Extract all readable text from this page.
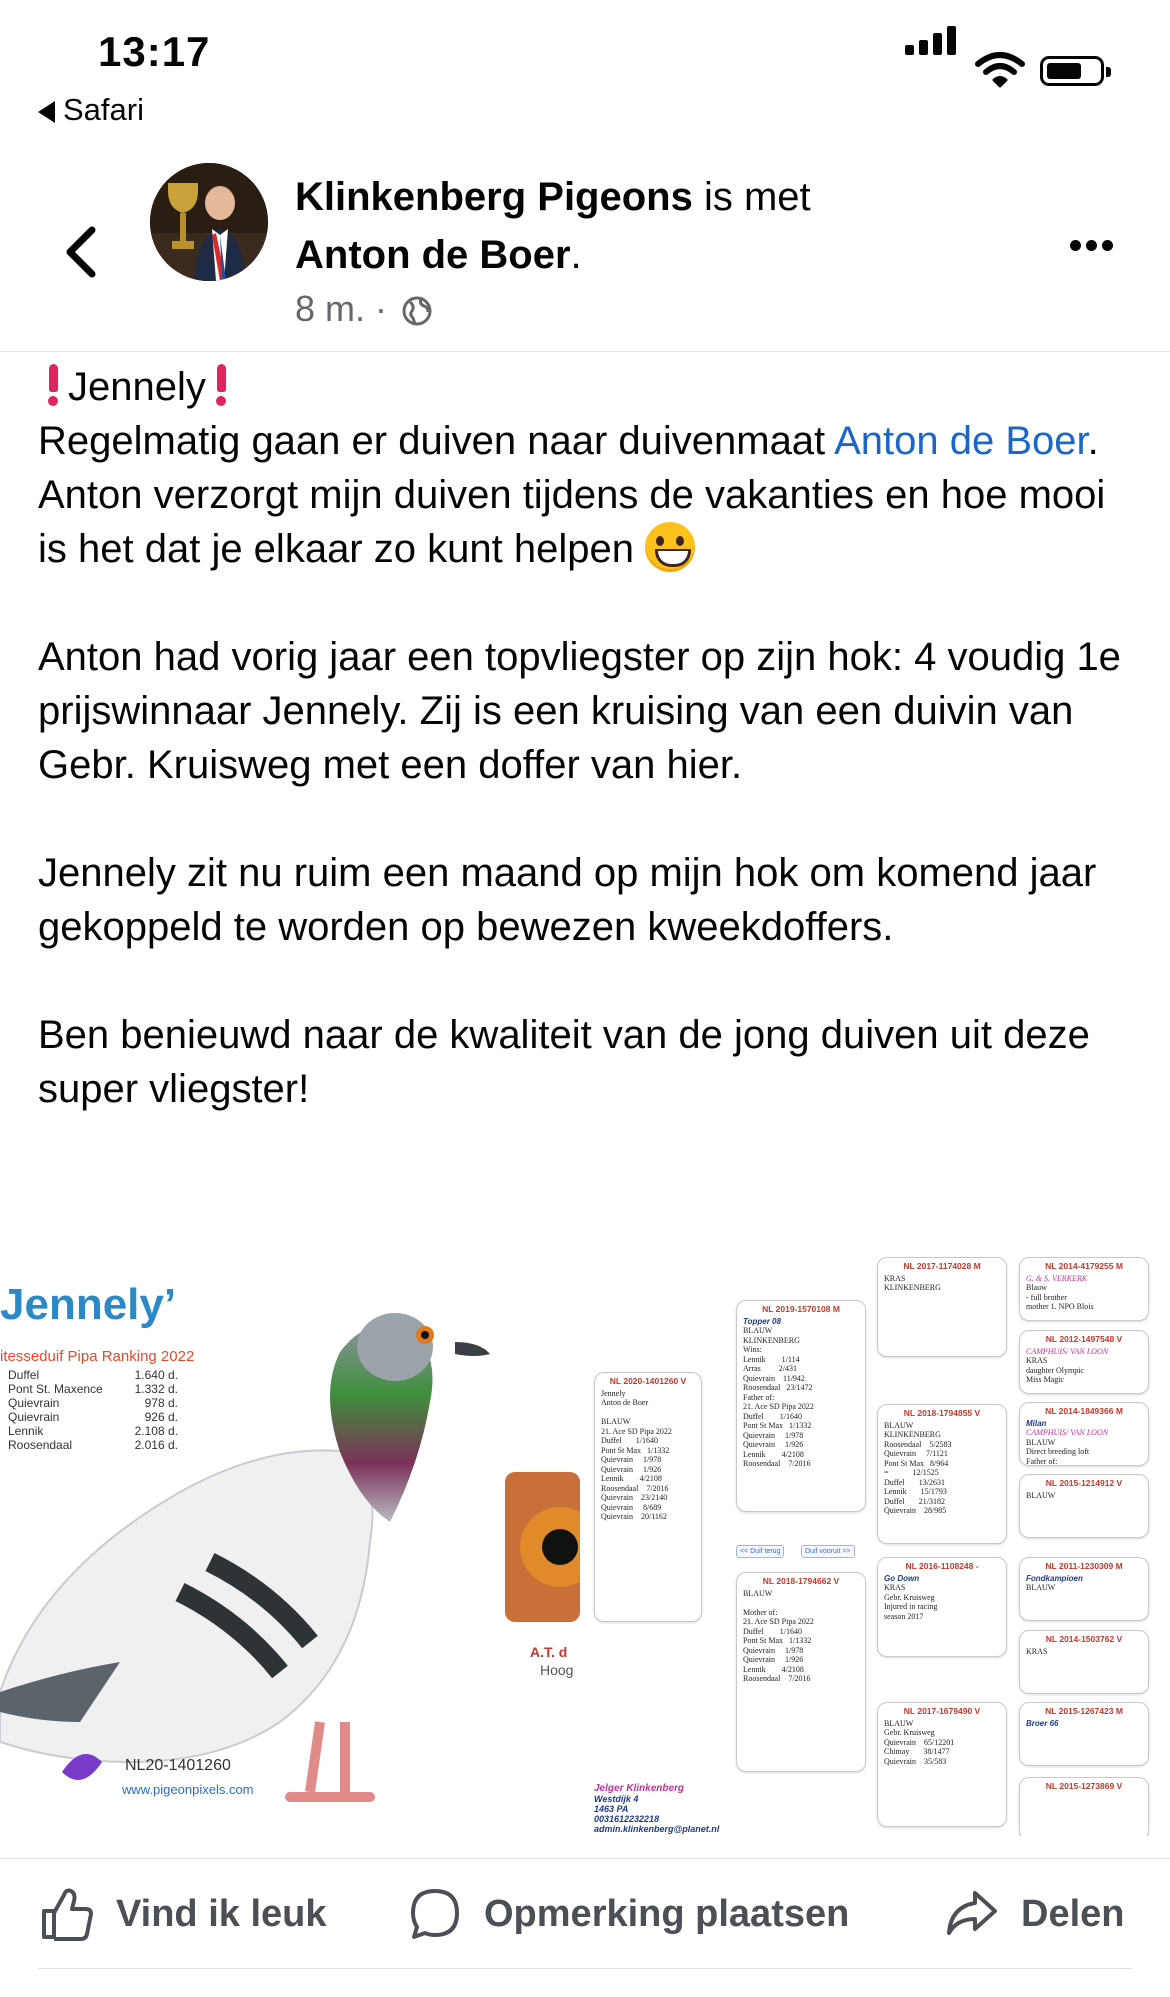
13:17
Safari
Klinkenberg Pigeons is met
Anton de Boer.
8 m. ·

Jennely

Regelmatig gaan er duiven naar duivenmaat Anton de Boer. Anton verzorgt mijn duiven tijdens de vakanties en hoe mooi is het dat je elkaar zo kunt helpen

Anton had vorig jaar een topvliegster op zijn hok: 4 voudig 1e prijswinnaar Jennely. Zij is een kruising van een duivin van Gebr. Kruisweg met een doffer van hier.

Jennely zit nu ruim een maand op mijn hok om komend jaar gekoppeld te worden op bewezen kweekdoffers.

Ben benieuwd naar de kwaliteit van de jong duiven uit deze super vliegster!

Jennely’
itesseduif Pipa Ranking 2022
Duffel	1.640 d.
Pont St. Maxence	1.332 d.
Quievrain	978 d.
Quievrain	926 d.
Lennik	2.108 d.
Roosendaal	2.016 d.
NL20-1401260
www.pigeonpixels.com
A.T. d
Hoog
NL 2020-1401260 V
Jennely
Anton de Boer

BLAUW
21. Ace SD Pipa 2022
Duffel       1/1640
Pont St Max   1/1332
Quievrain     1/978
Quievrain     1/926
Lennik        4/2108
Roosendaal    7/2016
Quievrain    23/2140
Quievrain     8/689
Quievrain    20/1162
NL 2019-1570108 M
Topper 08
BLAUW
KLINKENBERG
Wins:
Lennik        1/114
Arras         2/431
Quievrain    11/942
Roosendaal   23/1472
Father of:
21. Ace SD Pipa 2022
Duffel        1/1640
Pont St Max   1/1332
Quievrain     1/978
Quievrain     1/926
Lennik        4/2108
Roosendaal    7/2016
<< Duif terug	Duif vooruit >>
NL 2018-1794662 V
BLAUW

Mother of:
21. Ace SD Pipa 2022
Duffel        1/1640
Pont St Max   1/1332
Quievrain     1/978
Quievrain     1/926
Lennik        4/2108
Roosendaal    7/2016
NL 2017-1174028 M
KRAS
KLINKENBERG
NL 2018-1794855 V
BLAUW
KLINKENBERG
Roosendaal    5/2583
Quievrain     7/1121
Pont St Max   8/964
=            12/1525
Duffel       13/2631
Lennik       15/1793
Duffel       21/3182
Quievrain    28/985
NL 2016-1108248 -
Go Down
KRAS
Gebr. Kruisweg
Injured in racing
season 2017
NL 2017-1679490 V
BLAUW
Gebr. Kruisweg
Quievrain    65/12201
Chimay       38/1477
Quievrain    35/583
NL 2014-4179255 M
G. & S. VERKERK
Blauw
- full brother
mother 1. NPO Blois
NL 2012-1497548 V
CAMPHUIS/ VAN LOON
KRAS
daughter Olympic
Miss Magic
NL 2014-1849366 M
Milan
CAMPHUIS/ VAN LOON
BLAUW
Direct breeding loft
Father of:
NL 2015-1214912 V
BLAUW
NL 2011-1230309 M
Fondkampioen
BLAUW
NL 2014-1503762 V
KRAS
NL 2015-1267423 M
Broer 66
NL 2015-1273869 V
Jelger Klinkenberg
Westdijk 4
1463 PA
0031612232218
admin.klinkenberg@planet.nl
Vind ik leuk	Opmerking plaatsen	Delen
